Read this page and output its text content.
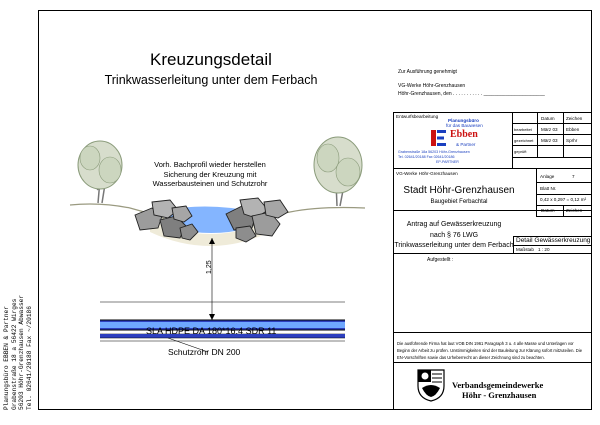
Planungsbüro EBBEN & Partner Grabenstraße 18 a 56422 Wirges 56203 Höhr-Grenzhausen Abwasser Tel. 02641/20188 Fax ~/20186
Kreuzungsdetail
Trinkwasserleitung unter dem Ferbach
Vorh. Bachprofil wieder herstellen
Sicherung der Kreuzung mit
Wasserbausteinen und Schutzrohr
1,25
SLA HDPE DA 180*16.4 SDR 11
Schutzrohr DN 200
Zur Ausführung genehmigt
VG-Werke Höhr-Grenzhausen
Höhr-Grenzhausen, den . . . . . . . . . . . ______________________
Entwurfsbearbeitung
Planungsbüro
für das Bauwesen
Ebben
& Partner
Grabenstraße 18a 56203 Höhr-Grenzhausen
Tel. 02641/20188 Fax 02641/20186
EP-PARTNER
Datum Zeichen
bearbeitet März 03 Ebben
gezeichnet März 03 Sprhr
geprüft
VG-Werke Höhr-Grenzhausen
Stadt Höhr-Grenzhausen
Baugebiet Ferbachtal
Anlage	7
Blatt Nr.
0,42 x 0,297 = 0,12 m²
Datum Zeichen
Antrag auf Gewässerkreuzung
nach § 76 LWG
Trinkwasserleitung unter dem Ferbach
Detail Gewässerkreuzung
Maßstab 1 : 20
Aufgestellt :
Die ausführende Firma hat laut VOB DIN 1961 Paragraph 3 u. 4 alle Masse und Unterlagen vor Beginn der Arbeit zu prüfen. Unstimmigkeiten sind der Bauleitung zur Klärung sofort mitzuteilen. Die EN-Vorschriften sowie das Urheberrecht an dieser Zeichnung sind zu beachten.
Verbandsgemeindewerke
Höhr - Grenzhausen
